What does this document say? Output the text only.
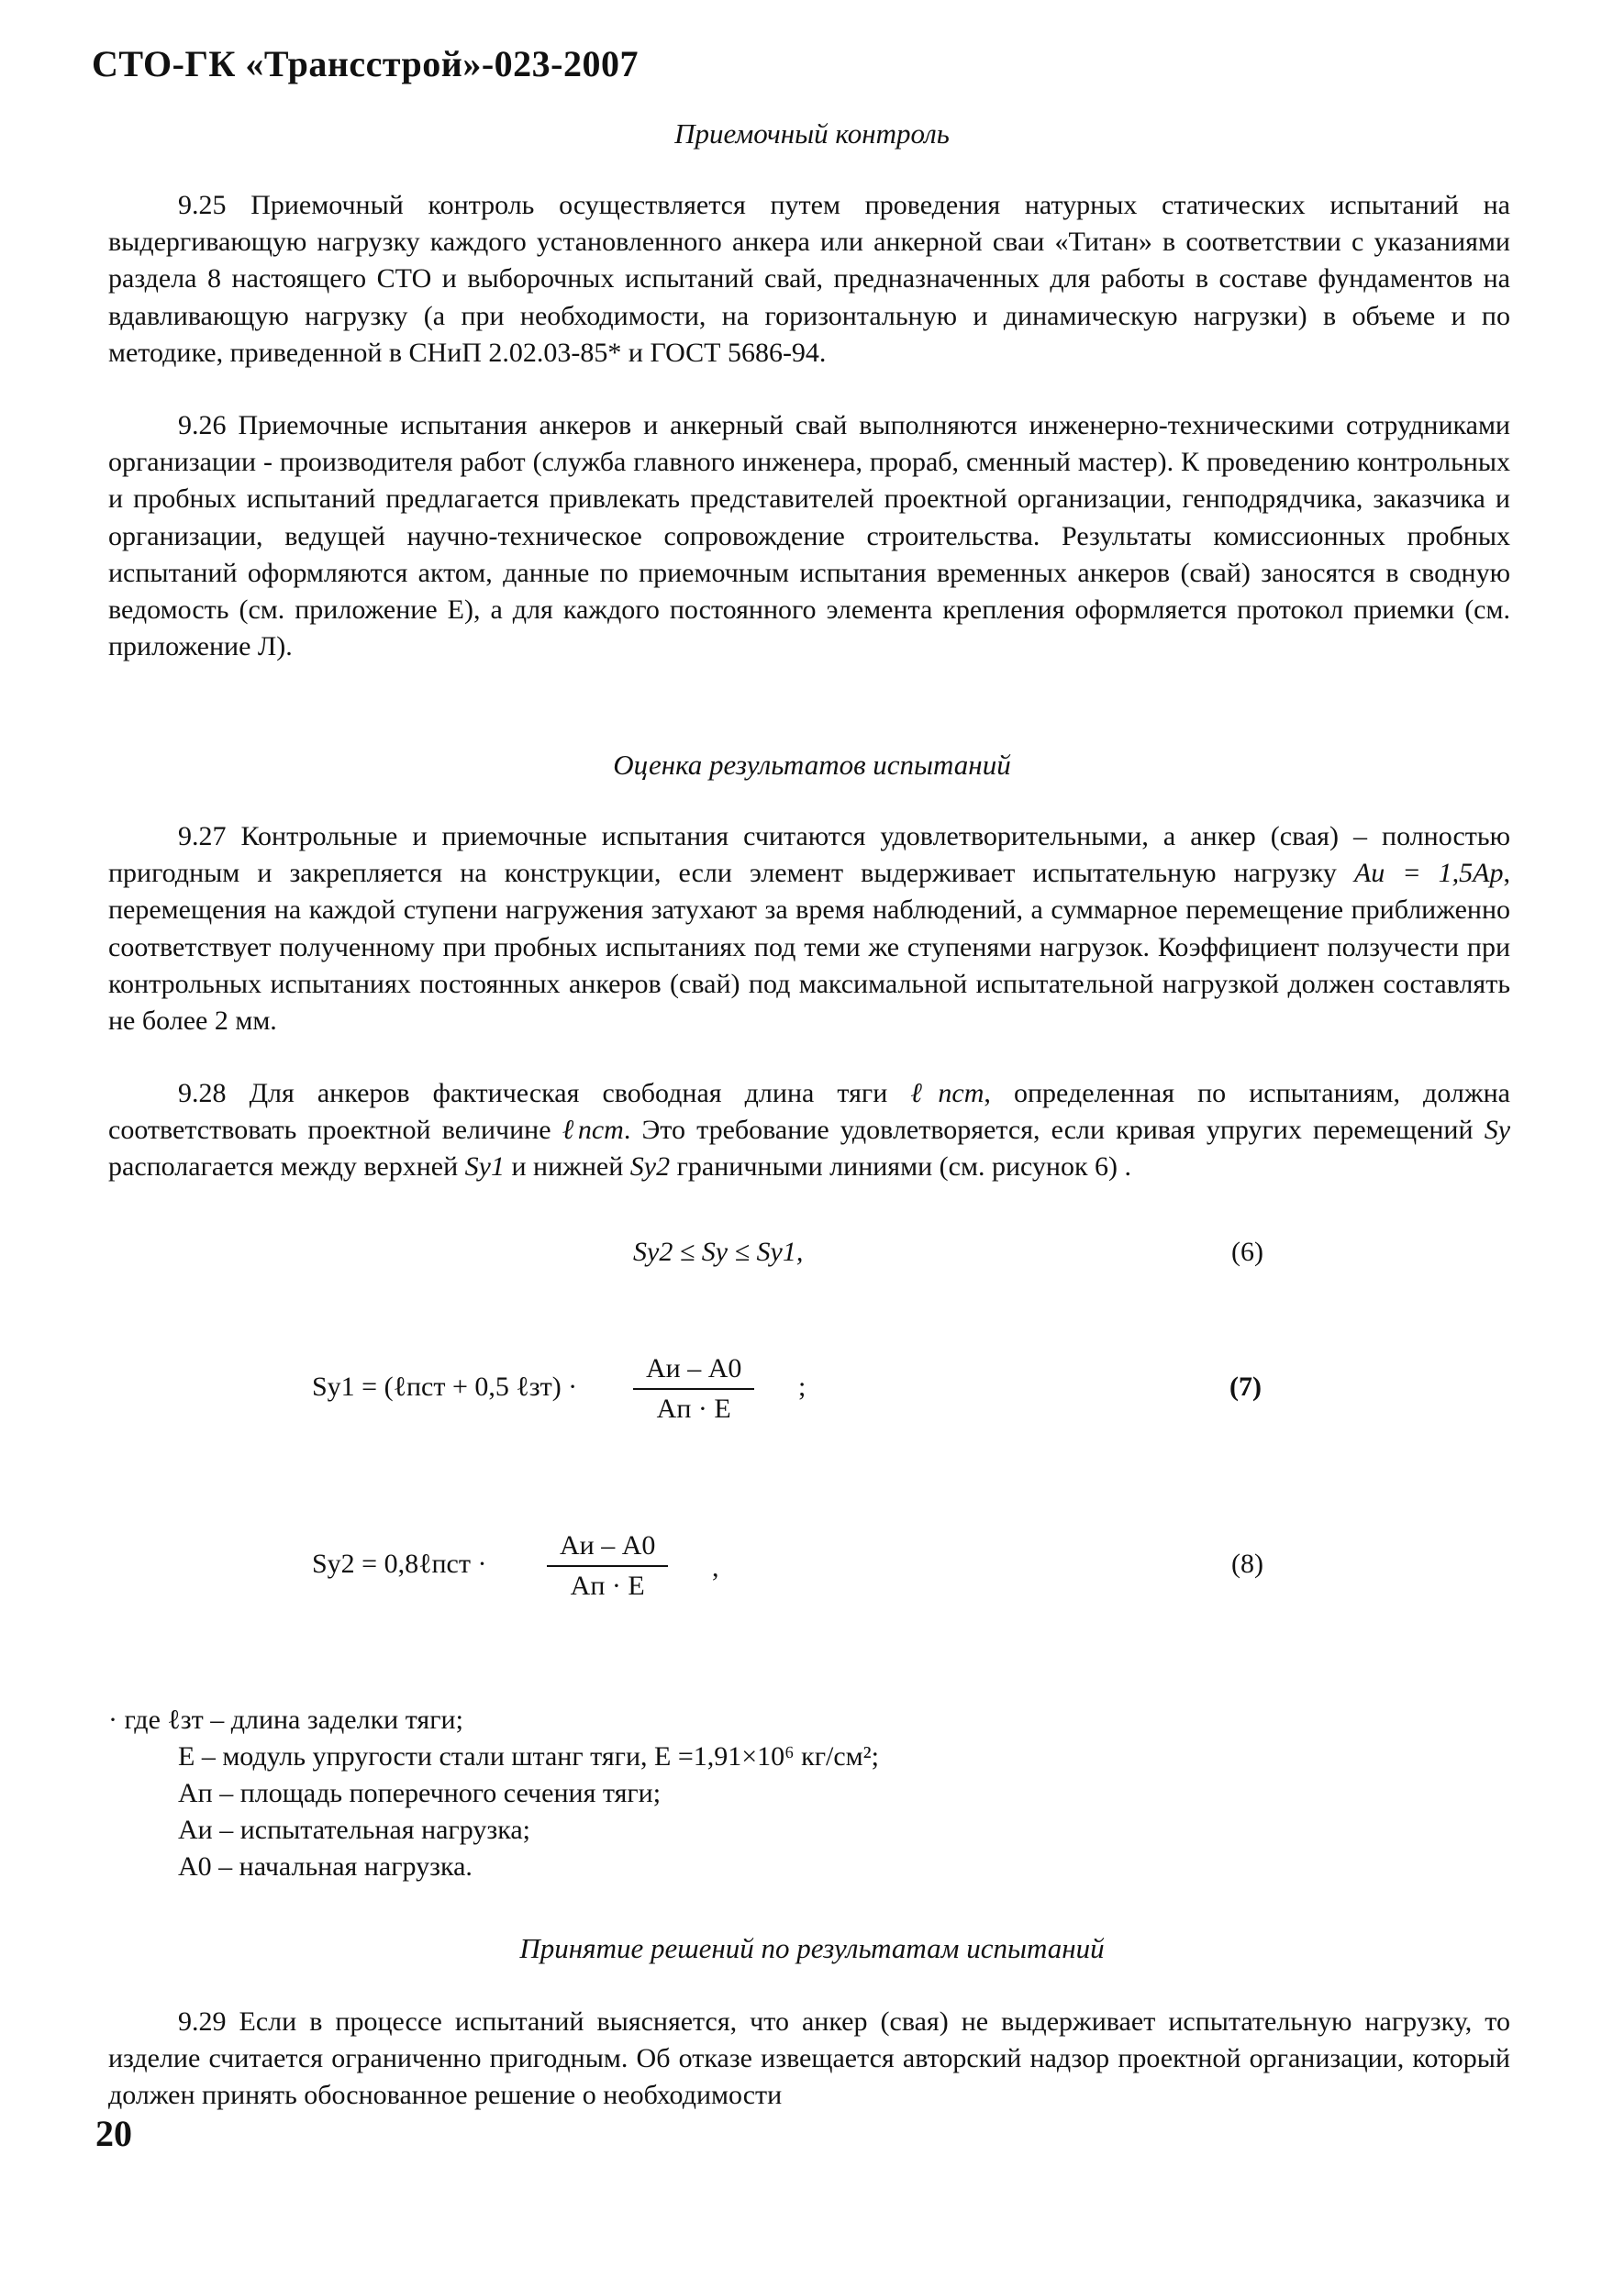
СТО-ГК «Трансстрой»-023-2007
Приемочный контроль

9.25 Приемочный контроль осуществляется путем проведения натурных статических испытаний на выдергивающую нагрузку каждого установленного анкера или анкерной сваи «Титан» в соответствии с указаниями раздела 8 настоящего СТО и выборочных испытаний свай, предназначенных для работы в составе фундаментов на вдавливающую нагрузку (а при необходимости, на горизонтальную и динамическую нагрузки) в объеме и по методике, приведенной в СНиП 2.02.03-85* и ГОСТ 5686-94.

9.26 Приемочные испытания анкеров и анкерный свай выполняются инженерно-техническими сотрудниками организации - производителя работ (служба главного инженера, прораб, сменный мастер). К проведению контрольных и пробных испытаний предлагается привлекать представителей проектной организации, генподрядчика, заказчика и организации, ведущей научно-техническое сопровождение строительства. Результаты комиссионных пробных испытаний оформляются актом, данные по приемочным испытания временных анкеров (свай) заносятся в сводную ведомость (см. приложение Е), а для каждого постоянного элемента крепления оформляется протокол приемки (см. приложение Л).

Оценка результатов испытаний

9.27 Контрольные и приемочные испытания считаются удовлетворительными, а анкер (свая) – полностью пригодным и закрепляется на конструкции, если элемент выдерживает испытательную нагрузку Aи = 1,5Aр, перемещения на каждой ступени нагружения затухают за время наблюдений, а суммарное перемещение приближенно соответствует полученному при пробных испытаниях под теми же ступенями нагрузок. Коэффициент ползучести при контрольных испытаниях постоянных анкеров (свай) под максимальной испытательной нагрузкой должен составлять не более 2 мм.

9.28 Для анкеров фактическая свободная длина тяги ℓпст, определенная по испытаниям, должна соответствовать проектной величине ℓпст. Это требование удовлетворяется, если кривая упругих перемещений Sy располагается между верхней Sy1 и нижней Sy2 граничными линиями (см. рисунок 6) .

Sy2 ≤ Sy ≤ Sy1,	(6)
Sy1 = (ℓпст + 0,5 ℓзт) ·
Aи – A0
Aп · E
;	(7)
Sy2 = 0,8ℓпст ·
Aи – A0
Aп · E
,	(8)
· где ℓзт – длина заделки тяги;
E – модуль упругости стали штанг тяги, E =1,91×10⁶ кг/см²;
Aп – площадь поперечного сечения тяги;
Aи – испытательная нагрузка;
A0 – начальная нагрузка.
Принятие решений по результатам испытаний

9.29 Если в процессе испытаний выясняется, что анкер (свая) не выдерживает испытательную нагрузку, то изделие считается ограниченно пригодным. Об отказе извещается авторский надзор проектной организации, который должен принять обоснованное решение о необходимости

20
